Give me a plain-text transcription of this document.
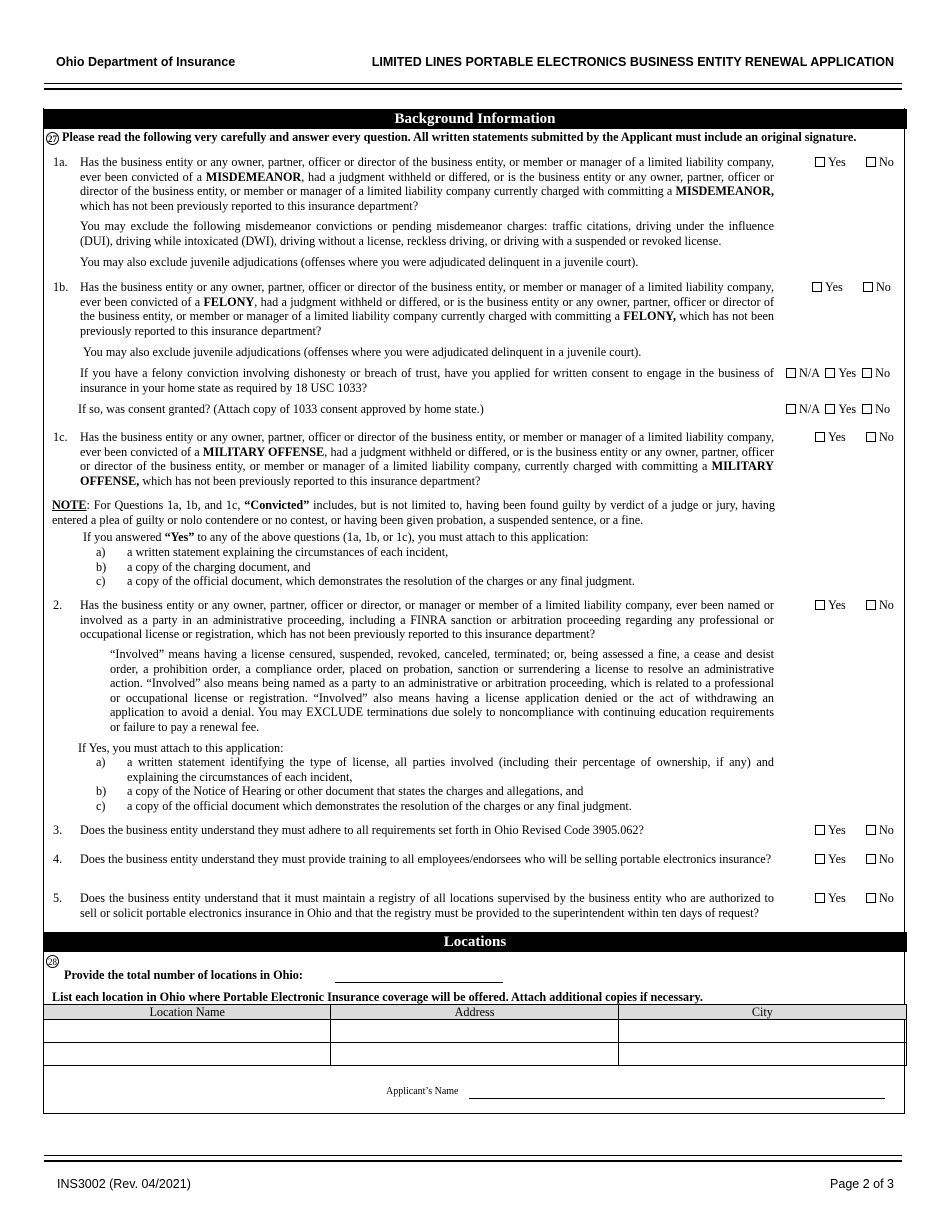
Ohio Department of Insurance	LIMITED LINES PORTABLE ELECTRONICS BUSINESS ENTITY RENEWAL APPLICATION
Background Information
27 Please read the following very carefully and answer every question. All written statements submitted by the Applicant must include an original signature.
1a. Has the business entity or any owner, partner, officer or director of the business entity, or member or manager of a limited liability company, ever been convicted of a MISDEMEANOR, had a judgment withheld or differed, or is the business entity or any owner, partner, officer or director of the business entity, or member or manager of a limited liability company currently charged with committing a MISDEMEANOR, which has not been previously reported to this insurance department?
Yes	No
You may exclude the following misdemeanor convictions or pending misdemeanor charges: traffic citations, driving under the influence (DUI), driving while intoxicated (DWI), driving without a license, reckless driving, or driving with a suspended or revoked license.
You may also exclude juvenile adjudications (offenses where you were adjudicated delinquent in a juvenile court).
1b. Has the business entity or any owner, partner, officer or director of the business entity, or member or manager of a limited liability company, ever been convicted of a FELONY, had a judgment withheld or differed, or is the business entity or any owner, partner, officer or director of the business entity, or member or manager of a limited liability company currently charged with committing a FELONY, which has not been previously reported to this insurance department?
Yes	No
You may also exclude juvenile adjudications (offenses where you were adjudicated delinquent in a juvenile court).
If you have a felony conviction involving dishonesty or breach of trust, have you applied for written consent to engage in the business of insurance in your home state as required by 18 USC 1033?
N/A Yes No
If so, was consent granted? (Attach copy of 1033 consent approved by home state.)	N/A Yes No
1c. Has the business entity or any owner, partner, officer or director of the business entity, or member or manager of a limited liability company, ever been convicted of a MILITARY OFFENSE, had a judgment withheld or differed, or is the business entity or any owner, partner, officer or director of the business entity, or member or manager of a limited liability company, currently charged with committing a MILITARY OFFENSE, which has not been previously reported to this insurance department?
Yes	No
NOTE: For Questions 1a, 1b, and 1c, “Convicted” includes, but is not limited to, having been found guilty by verdict of a judge or jury, having entered a plea of guilty or nolo contendere or no contest, or having been given probation, a suspended sentence, or a fine.
If you answered “Yes” to any of the above questions (1a, 1b, or 1c), you must attach to this application:
a) a written statement explaining the circumstances of each incident,
b) a copy of the charging document, and
c) a copy of the official document, which demonstrates the resolution of the charges or any final judgment.
2. Has the business entity or any owner, partner, officer or director, or manager or member of a limited liability company, ever been named or involved as a party in an administrative proceeding, including a FINRA sanction or arbitration proceeding regarding any professional or occupational license or registration, which has not been previously reported to this insurance department?
Yes	No
“Involved” means having a license censured, suspended, revoked, canceled, terminated; or, being assessed a fine, a cease and desist order, a prohibition order, a compliance order, placed on probation, sanction or surrendering a license to resolve an administrative action. “Involved” also means being named as a party to an administrative or arbitration proceeding, which is related to a professional or occupational license or registration. “Involved” also means having a license application denied or the act of withdrawing an application to avoid a denial. You may EXCLUDE terminations due solely to noncompliance with continuing education requirements or failure to pay a renewal fee.
If Yes, you must attach to this application:
a) a written statement identifying the type of license, all parties involved (including their percentage of ownership, if any) and explaining the circumstances of each incident,
b) a copy of the Notice of Hearing or other document that states the charges and allegations, and
c) a copy of the official document which demonstrates the resolution of the charges or any final judgment.
3. Does the business entity understand they must adhere to all requirements set forth in Ohio Revised Code 3905.062?	Yes	No
4. Does the business entity understand they must provide training to all employees/endorsees who will be selling portable electronics insurance?	Yes	No
5. Does the business entity understand that it must maintain a registry of all locations supervised by the business entity who are authorized to sell or solicit portable electronics insurance in Ohio and that the registry must be provided to the superintendent within ten days of request?
Yes	No
Locations
28
Provide the total number of locations in Ohio:
List each location in Ohio where Portable Electronic Insurance coverage will be offered. Attach additional copies if necessary.
Location Name	Address	City

Applicant’s Name
INS3002 (Rev. 04/2021)	Page 2 of 3
